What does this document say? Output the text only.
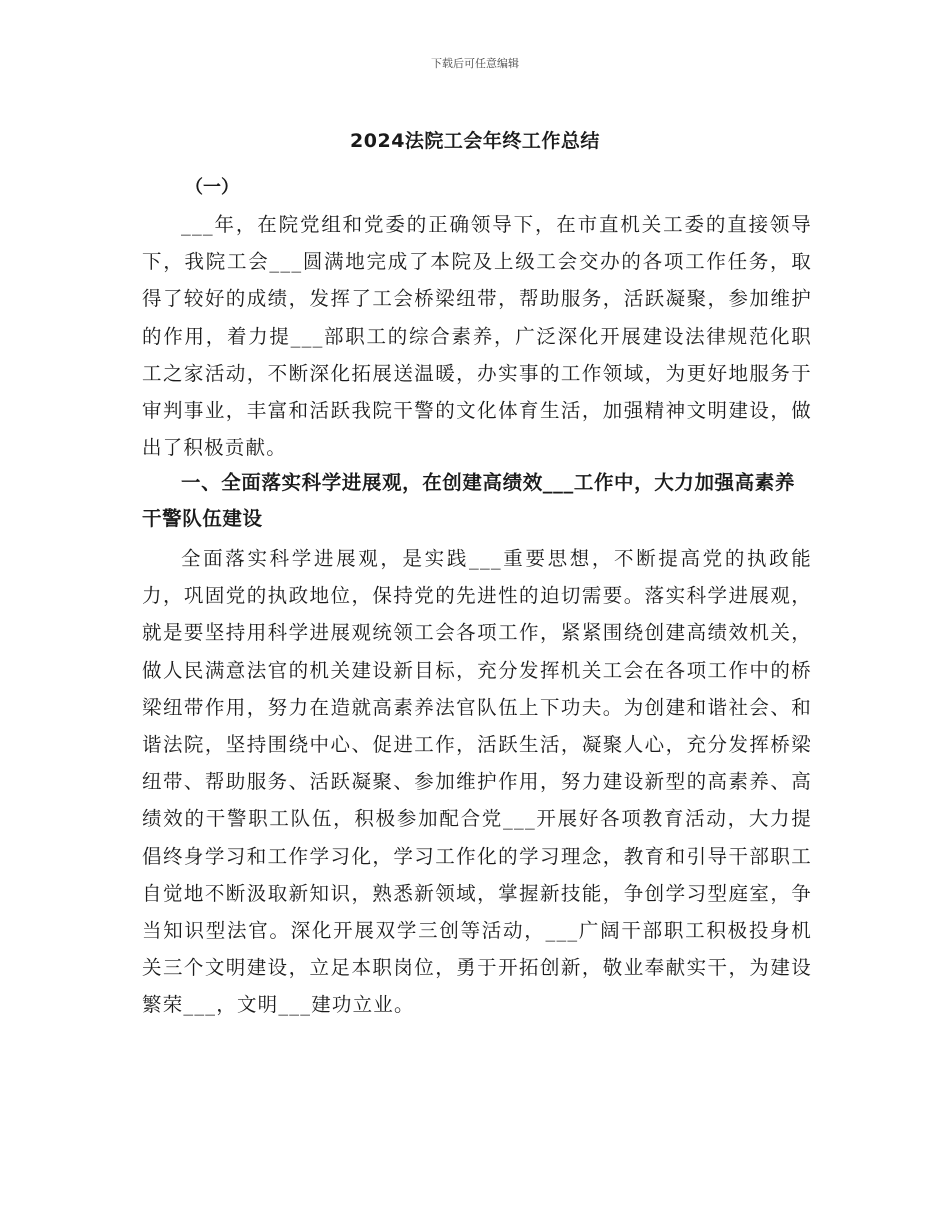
下载后可任意编辑
2024法院工会年终工作总结
（一）

___年，在院党组和党委的正确领导下，在市直机关工委的直接领导下，我院工会___圆满地完成了本院及上级工会交办的各项工作任务，取得了较好的成绩，发挥了工会桥梁纽带，帮助服务，活跃凝聚，参加维护的作用，着力提___部职工的综合素养，广泛深化开展建设法律规范化职工之家活动，不断深化拓展送温暖，办实事的工作领域，为更好地服务于审判事业，丰富和活跃我院干警的文化体育生活，加强精神文明建设，做出了积极贡献。

一、全面落实科学进展观，在创建高绩效___工作中，大力加强高素养干警队伍建设

全面落实科学进展观，是实践___重要思想，不断提高党的执政能力，巩固党的执政地位，保持党的先进性的迫切需要。落实科学进展观，就是要坚持用科学进展观统领工会各项工作，紧紧围绕创建高绩效机关，做人民满意法官的机关建设新目标，充分发挥机关工会在各项工作中的桥梁纽带作用，努力在造就高素养法官队伍上下功夫。为创建和谐社会、和谐法院，坚持围绕中心、促进工作，活跃生活，凝聚人心，充分发挥桥梁纽带、帮助服务、活跃凝聚、参加维护作用，努力建设新型的高素养、高绩效的干警职工队伍，积极参加配合党___开展好各项教育活动，大力提倡终身学习和工作学习化，学习工作化的学习理念，教育和引导干部职工自觉地不断汲取新知识，熟悉新领域，掌握新技能，争创学习型庭室，争当知识型法官。深化开展双学三创等活动，___广阔干部职工积极投身机关三个文明建设，立足本职岗位，勇于开拓创新，敬业奉献实干，为建设繁荣___，文明___建功立业。
